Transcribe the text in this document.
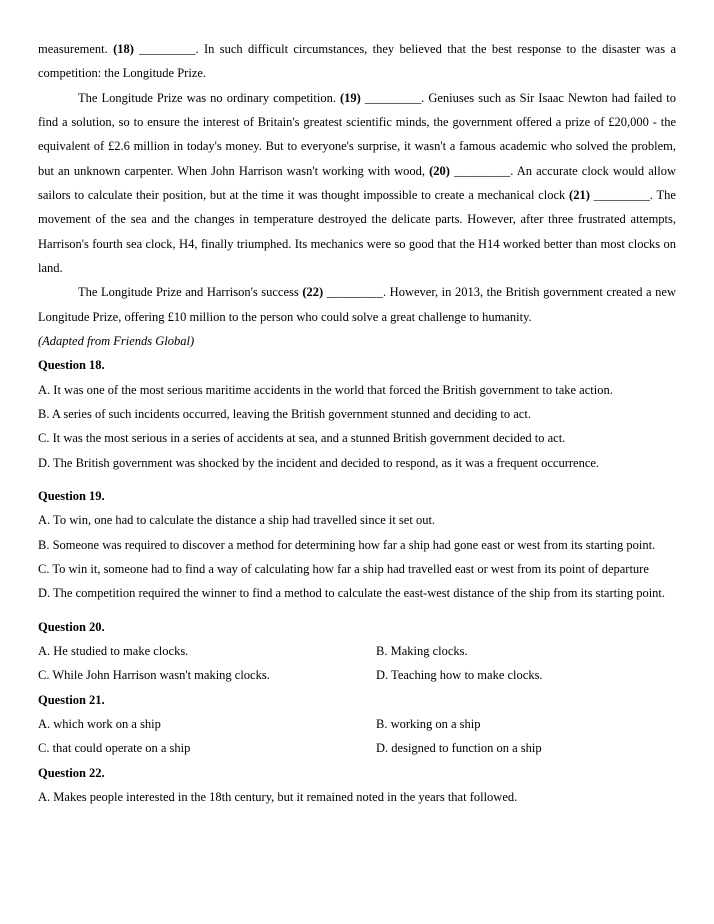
measurement. (18) _________. In such difficult circumstances, they believed that the best response to the disaster was a competition: the Longitude Prize.

The Longitude Prize was no ordinary competition. (19) _________. Geniuses such as Sir Isaac Newton had failed to find a solution, so to ensure the interest of Britain's greatest scientific minds, the government offered a prize of £20,000 - the equivalent of £2.6 million in today's money. But to everyone's surprise, it wasn't a famous academic who solved the problem, but an unknown carpenter. When John Harrison wasn't working with wood, (20) _________. An accurate clock would allow sailors to calculate their position, but at the time it was thought impossible to create a mechanical clock (21) _________. The movement of the sea and the changes in temperature destroyed the delicate parts. However, after three frustrated attempts, Harrison's fourth sea clock, H4, finally triumphed. Its mechanics were so good that the H14 worked better than most clocks on land.

The Longitude Prize and Harrison's success (22) _________. However, in 2013, the British government created a new Longitude Prize, offering £10 million to the person who could solve a great challenge to humanity.

(Adapted from Friends Global)

Question 18.

A. It was one of the most serious maritime accidents in the world that forced the British government to take action.

B. A series of such incidents occurred, leaving the British government stunned and deciding to act.

C. It was the most serious in a series of accidents at sea, and a stunned British government decided to act.

D. The British government was shocked by the incident and decided to respond, as it was a frequent occurrence.

Question 19.

A. To win, one had to calculate the distance a ship had travelled since it set out.

B. Someone was required to discover a method for determining how far a ship had gone east or west from its starting point.

C. To win it, someone had to find a way of calculating how far a ship had travelled east or west from its point of departure

D. The competition required the winner to find a method to calculate the east-west distance of the ship from its starting point.

Question 20.

A. He studied to make clocks.	B. Making clocks.

C. While John Harrison wasn't making clocks.	D. Teaching how to make clocks.

Question 21.

A. which work on a ship	B. working on a ship

C. that could operate on a ship	D. designed to function on a ship

Question 22.

A. Makes people interested in the 18th century, but it remained noted in the years that followed.
